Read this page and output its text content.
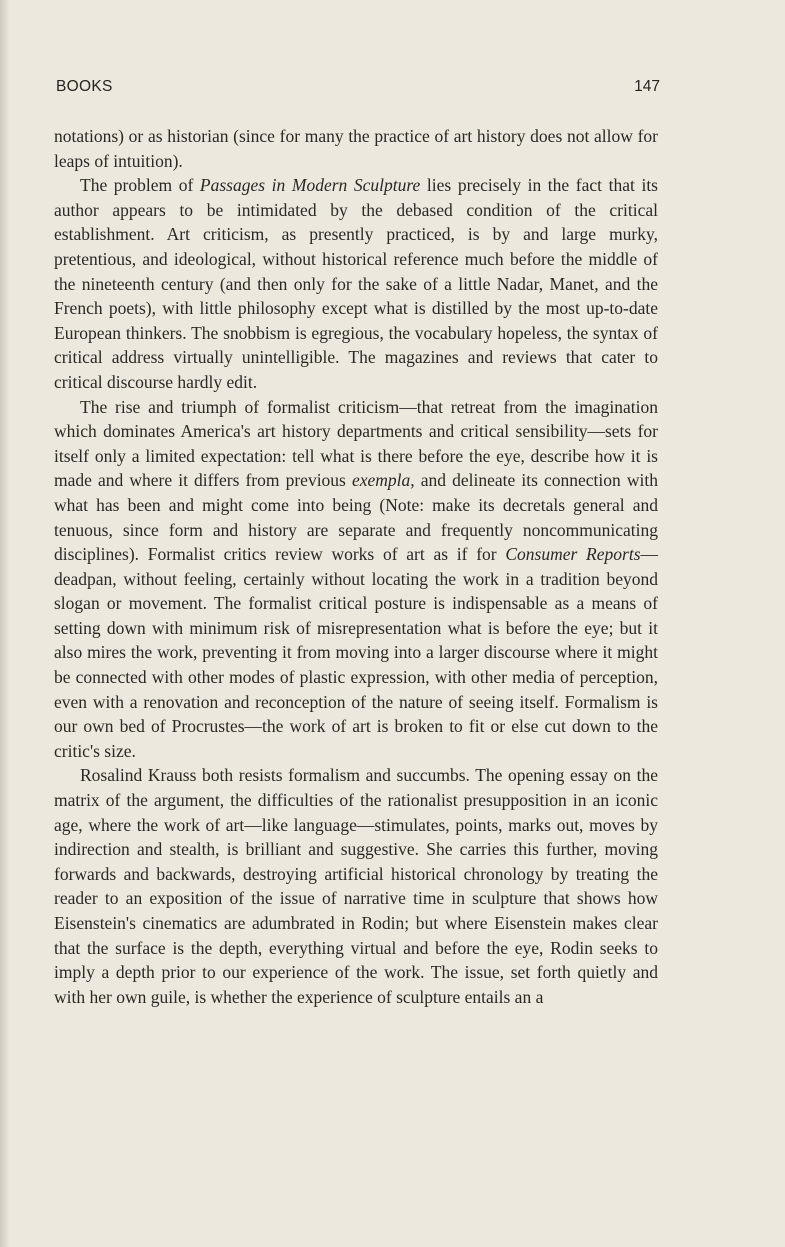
BOOKS	147

notations) or as historian (since for many the practice of art history does not allow for leaps of intuition).

The problem of Passages in Modern Sculpture lies precisely in the fact that its author appears to be intimidated by the debased condition of the critical establishment. Art criticism, as presently practiced, is by and large murky, pretentious, and ideological, without historical reference much before the middle of the nineteenth century (and then only for the sake of a little Nadar, Manet, and the French poets), with little philosophy except what is distilled by the most up-to-date European thinkers. The snobbism is egregious, the vocabulary hopeless, the syntax of critical address virtually unintelligible. The magazines and reviews that cater to critical discourse hardly edit.

The rise and triumph of formalist criticism—that retreat from the imagination which dominates America's art history departments and critical sensibility—sets for itself only a limited expectation: tell what is there before the eye, describe how it is made and where it differs from previous exempla, and delineate its connection with what has been and might come into being (Note: make its decretals general and tenuous, since form and history are separate and frequently noncommunicating disciplines). Formalist critics review works of art as if for Consumer Reports—deadpan, without feeling, certainly without locating the work in a tradition beyond slogan or movement. The formalist critical posture is indispensable as a means of setting down with minimum risk of misrepresentation what is before the eye; but it also mires the work, preventing it from moving into a larger discourse where it might be connected with other modes of plastic expression, with other media of perception, even with a renovation and reconception of the nature of seeing itself. Formalism is our own bed of Procrustes—the work of art is broken to fit or else cut down to the critic's size.

Rosalind Krauss both resists formalism and succumbs. The opening essay on the matrix of the argument, the difficulties of the rationalist presupposition in an iconic age, where the work of art—like language—stimulates, points, marks out, moves by indirection and stealth, is brilliant and suggestive. She carries this further, moving forwards and backwards, destroying artificial historical chronology by treating the reader to an exposition of the issue of narrative time in sculpture that shows how Eisenstein's cinematics are adumbrated in Rodin; but where Eisenstein makes clear that the surface is the depth, everything virtual and before the eye, Rodin seeks to imply a depth prior to our experience of the work. The issue, set forth quietly and with her own guile, is whether the experience of sculpture entails an a
